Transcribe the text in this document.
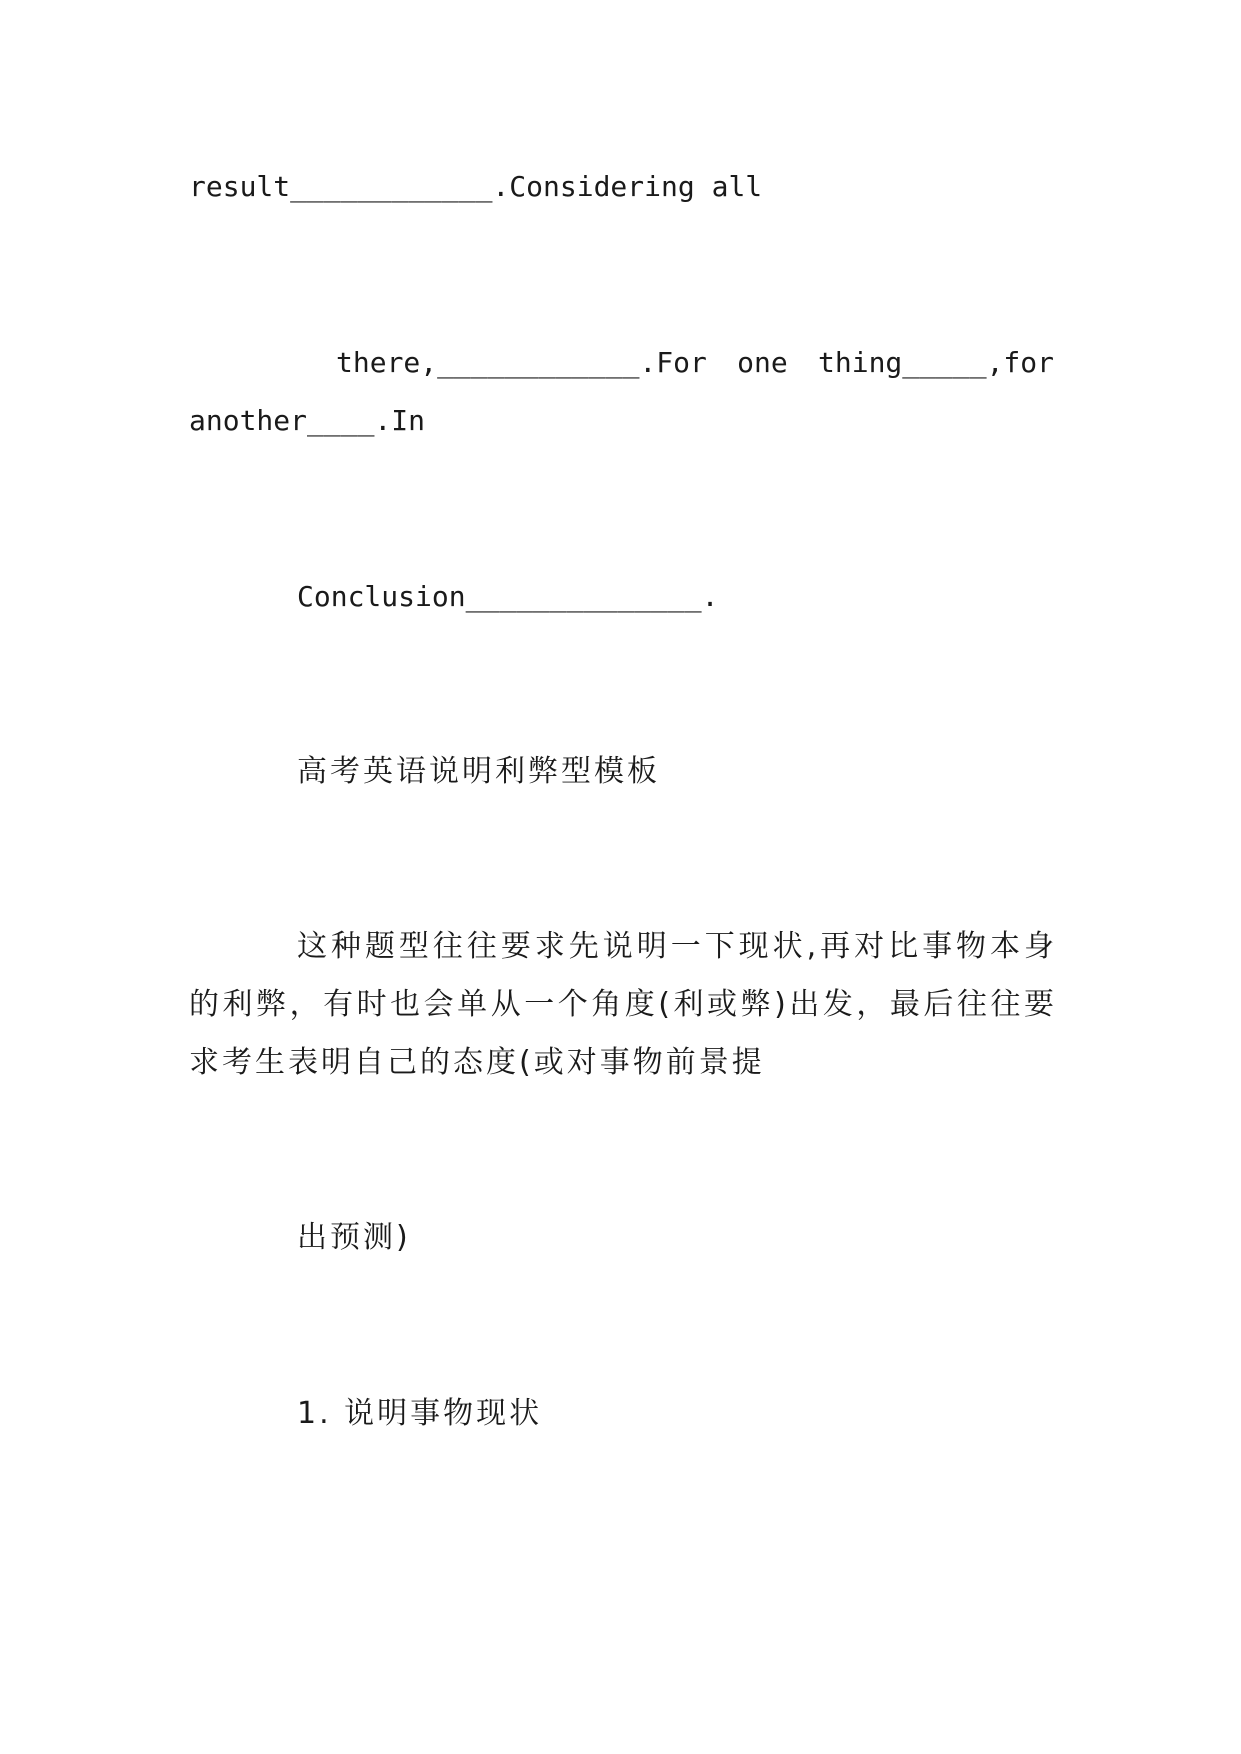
result____________.Considering all

there,____________.For one thing_____,for

another____.In

Conclusion______________.

高考英语说明利弊型模板

这种题型往往要求先说明一下现状,再对比事物本身

的利弊，有时也会单从一个角度(利或弊)出发，最后往往要

求考生表明自己的态度(或对事物前景提

出预测)

1. 说明事物现状
